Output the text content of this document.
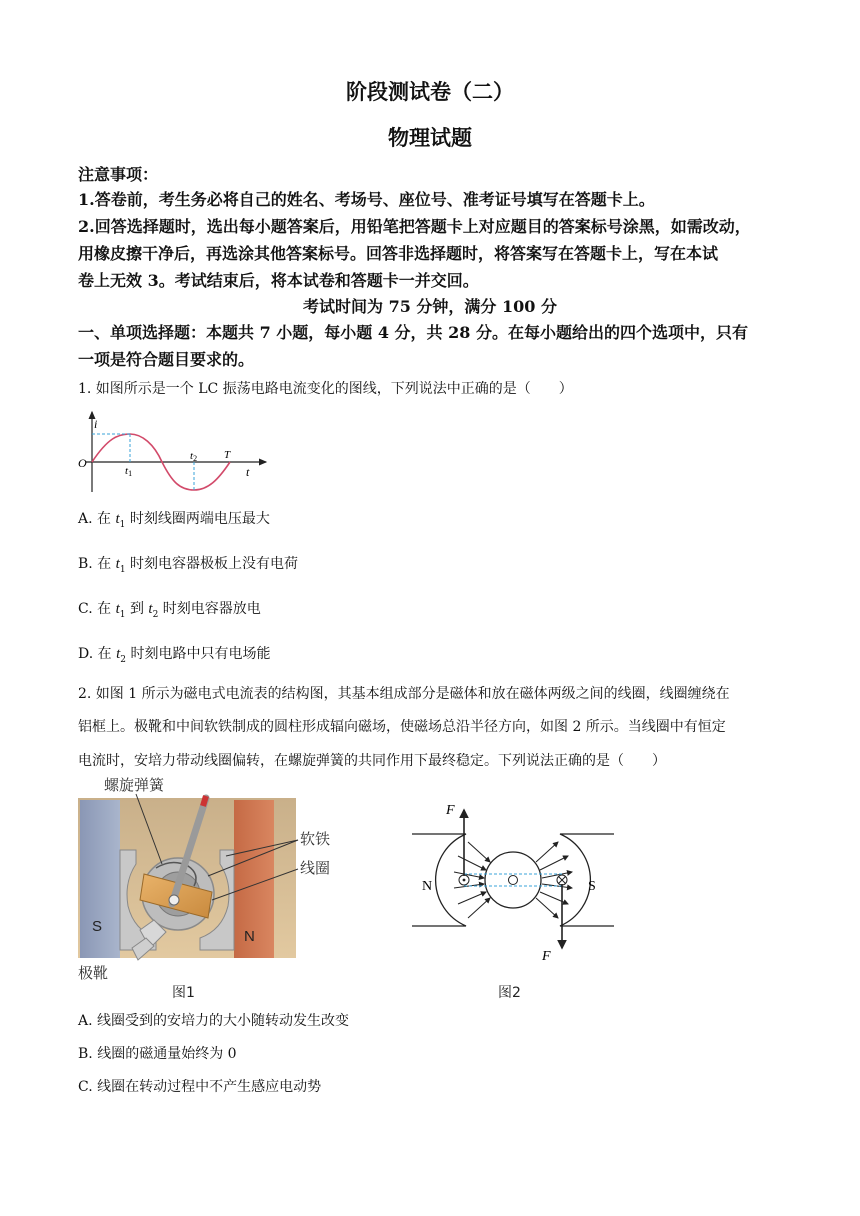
阶段测试卷（二）
物理试题
注意事项：
1.答卷前，考生务必将自己的姓名、考场号、座位号、准考证号填写在答题卡上。
2.回答选择题时，选出每小题答案后，用铅笔把答题卡上对应题目的答案标号涂黑，如需改动，
用橡皮擦干净后，再选涂其他答案标号。回答非选择题时，将答案写在答题卡上，写在本试
卷上无效 3。考试结束后，将本试卷和答题卡一并交回。
考试时间为 75 分钟，满分 100 分
一、单项选择题：本题共 7 小题，每小题 4 分，共 28 分。在每小题给出的四个选项中，只有
一项是符合题目要求的。
1. 如图所示是一个 LC 振荡电路电流变化的图线，下列说法中正确的是（　　）
i
O
t
t1
t2 T
A. 在 $t_1$ 时刻线圈两端电压最大
B. 在 $t_1$ 时刻电容器极板上没有电荷
C. 在 $t_1$ 到 $t_2$ 时刻电容器放电
D. 在 $t_2$ 时刻电路中只有电场能
2. 如图 1 所示为磁电式电流表的结构图，其基本组成部分是磁体和放在磁体两级之间的线圈，线圈缠绕在
铝框上。极靴和中间软铁制成的圆柱形成辐向磁场，使磁场总沿半径方向，如图 2 所示。当线圈中有恒定
电流时，安培力带动线圈偏转，在螺旋弹簧的共同作用下最终稳定。下列说法正确的是（　　）
S
N
螺旋弹簧
软铁
线圈
极靴
图1
F
F
N	S
图2
A. 线圈受到的安培力的大小随转动发生改变
B. 线圈的磁通量始终为 0
C. 线圈在转动过程中不产生感应电动势
